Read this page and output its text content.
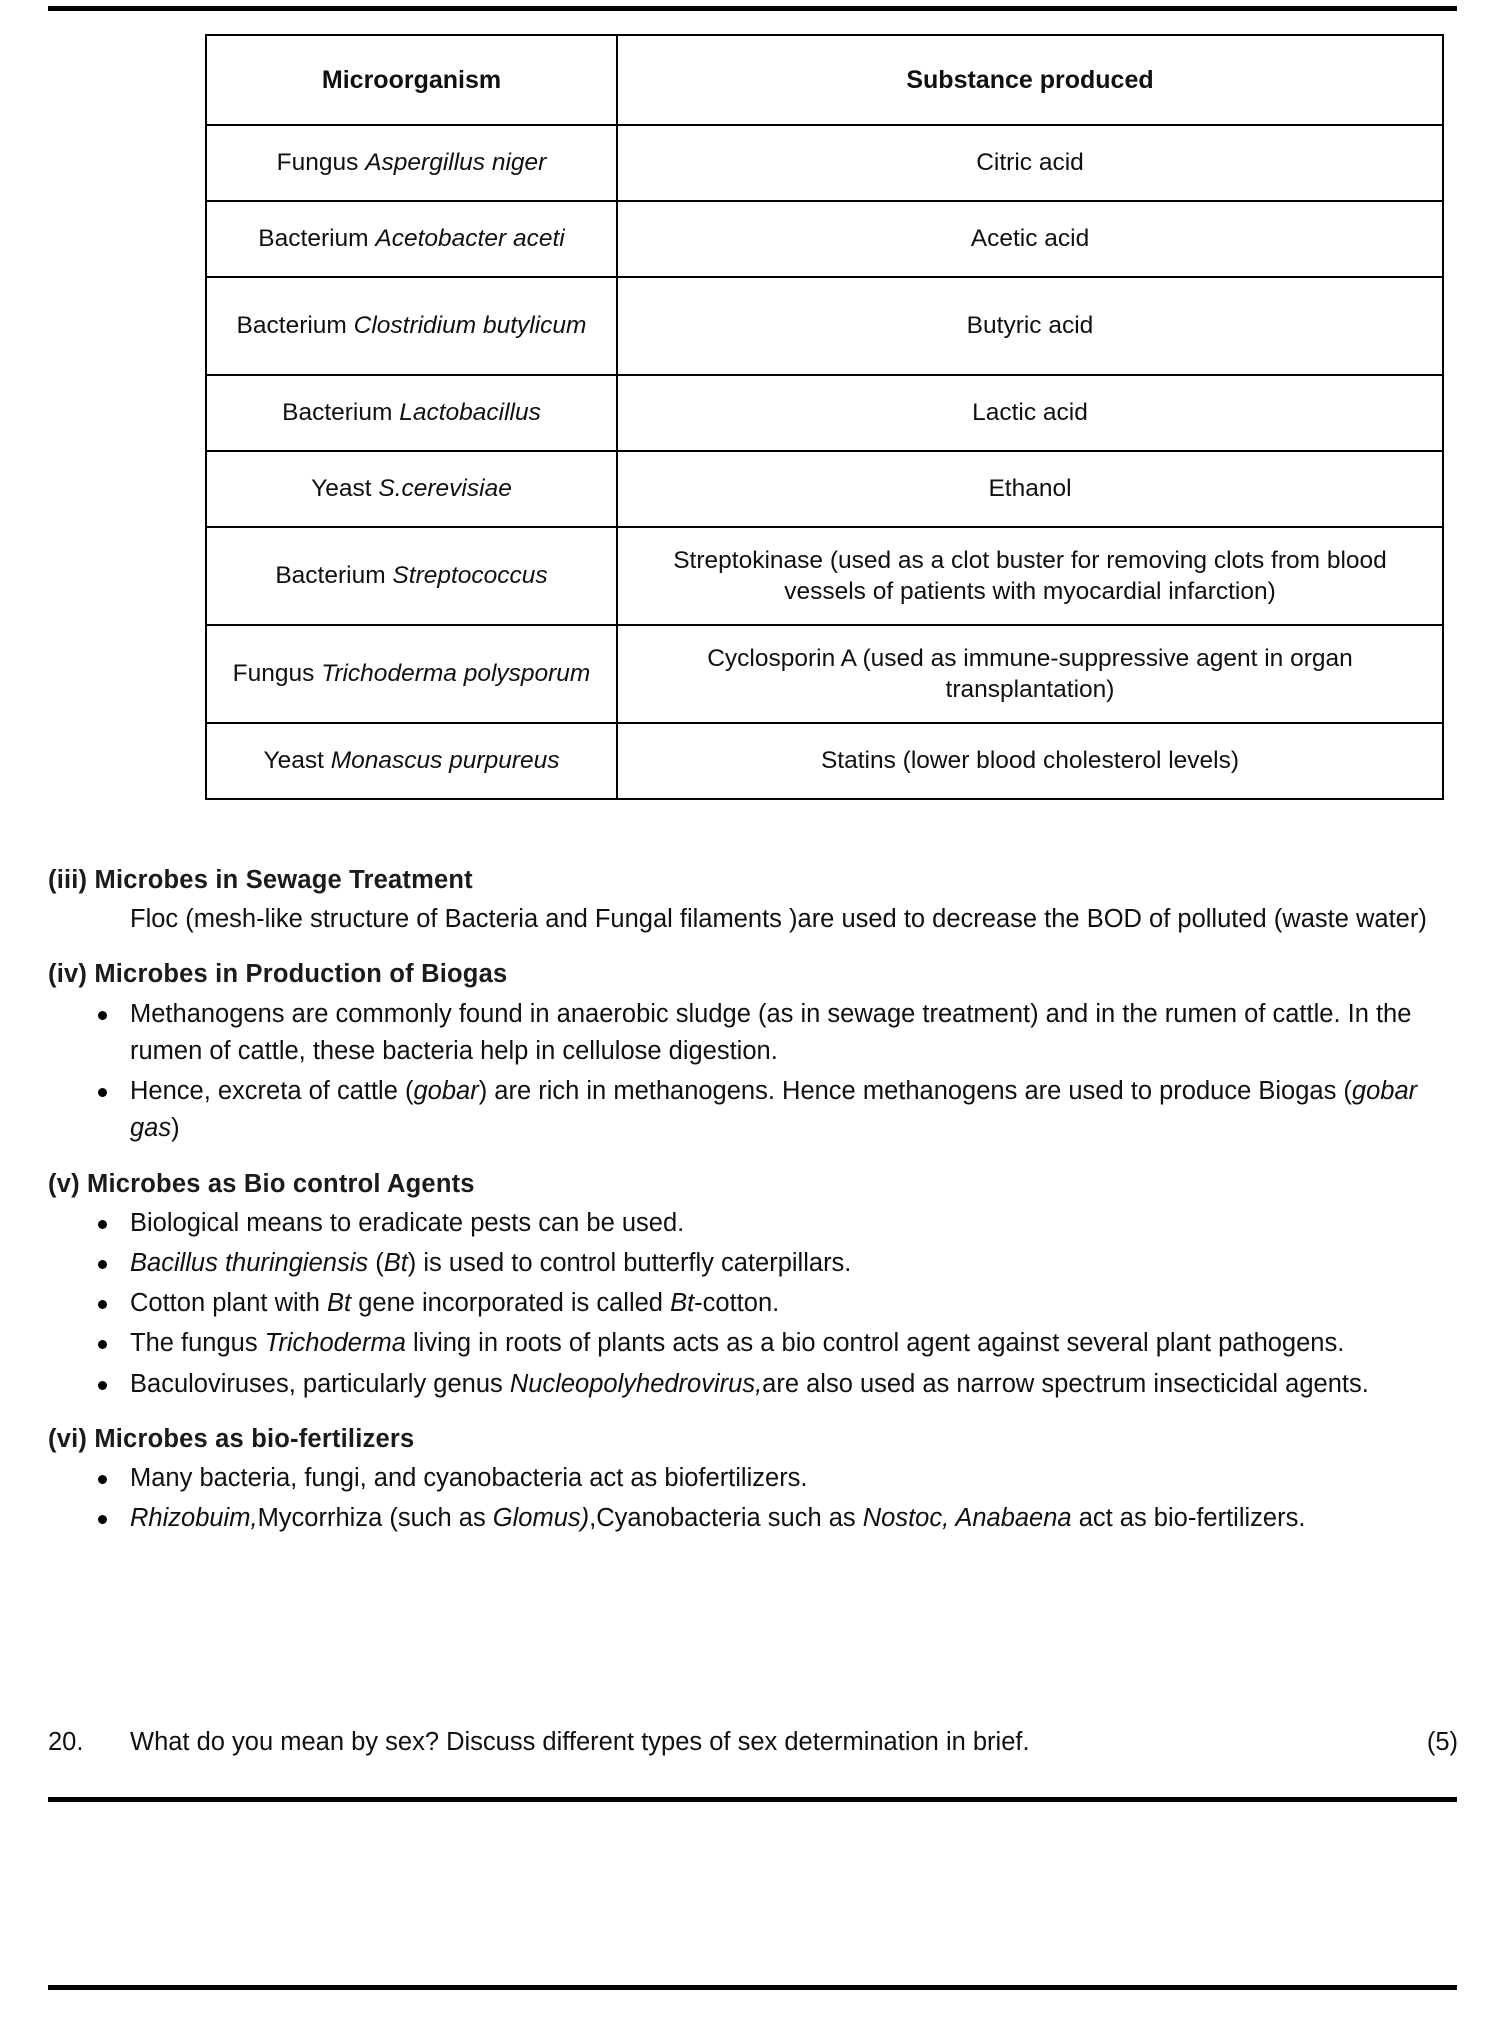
Microorganism	Substance produced
Fungus Aspergillus niger	Citric acid
Bacterium Acetobacter aceti	Acetic acid
Bacterium Clostridium butylicum	Butyric acid
Bacterium Lactobacillus	Lactic acid
Yeast S.cerevisiae	Ethanol
Bacterium Streptococcus	Streptokinase (used as a clot buster for removing clots from blood vessels of patients with myocardial infarction)
Fungus Trichoderma polysporum	Cyclosporin A (used as immune-suppressive agent in organ transplantation)
Yeast Monascus purpureus	Statins (lower blood cholesterol levels)
(iii) Microbes in Sewage Treatment

Floc (mesh-like structure of Bacteria and Fungal filaments )are used to decrease the BOD of polluted (waste water)

(iv) Microbes in Production of Biogas
Methanogens are commonly found in anaerobic sludge (as in sewage treatment) and in the rumen of cattle. In the rumen of cattle, these bacteria help in cellulose digestion.
Hence, excreta of cattle (gobar) are rich in methanogens. Hence methanogens are used to produce Biogas (gobar gas)
(v) Microbes as Bio control Agents
Biological means to eradicate pests can be used.
Bacillus thuringiensis (Bt) is used to control butterfly caterpillars.
Cotton plant with Bt gene incorporated is called Bt-cotton.
The fungus Trichoderma living in roots of plants acts as a bio control agent against several plant pathogens.
Baculoviruses, particularly genus Nucleopolyhedrovirus,are also used as narrow spectrum insecticidal agents.
(vi) Microbes as bio-fertilizers
Many bacteria, fungi, and cyanobacteria act as biofertilizers.
Rhizobuim,Mycorrhiza (such as Glomus),Cyanobacteria such as Nostoc, Anabaena act as bio-fertilizers.
20.	What do you mean by sex? Discuss different types of sex determination in brief.	(5)
